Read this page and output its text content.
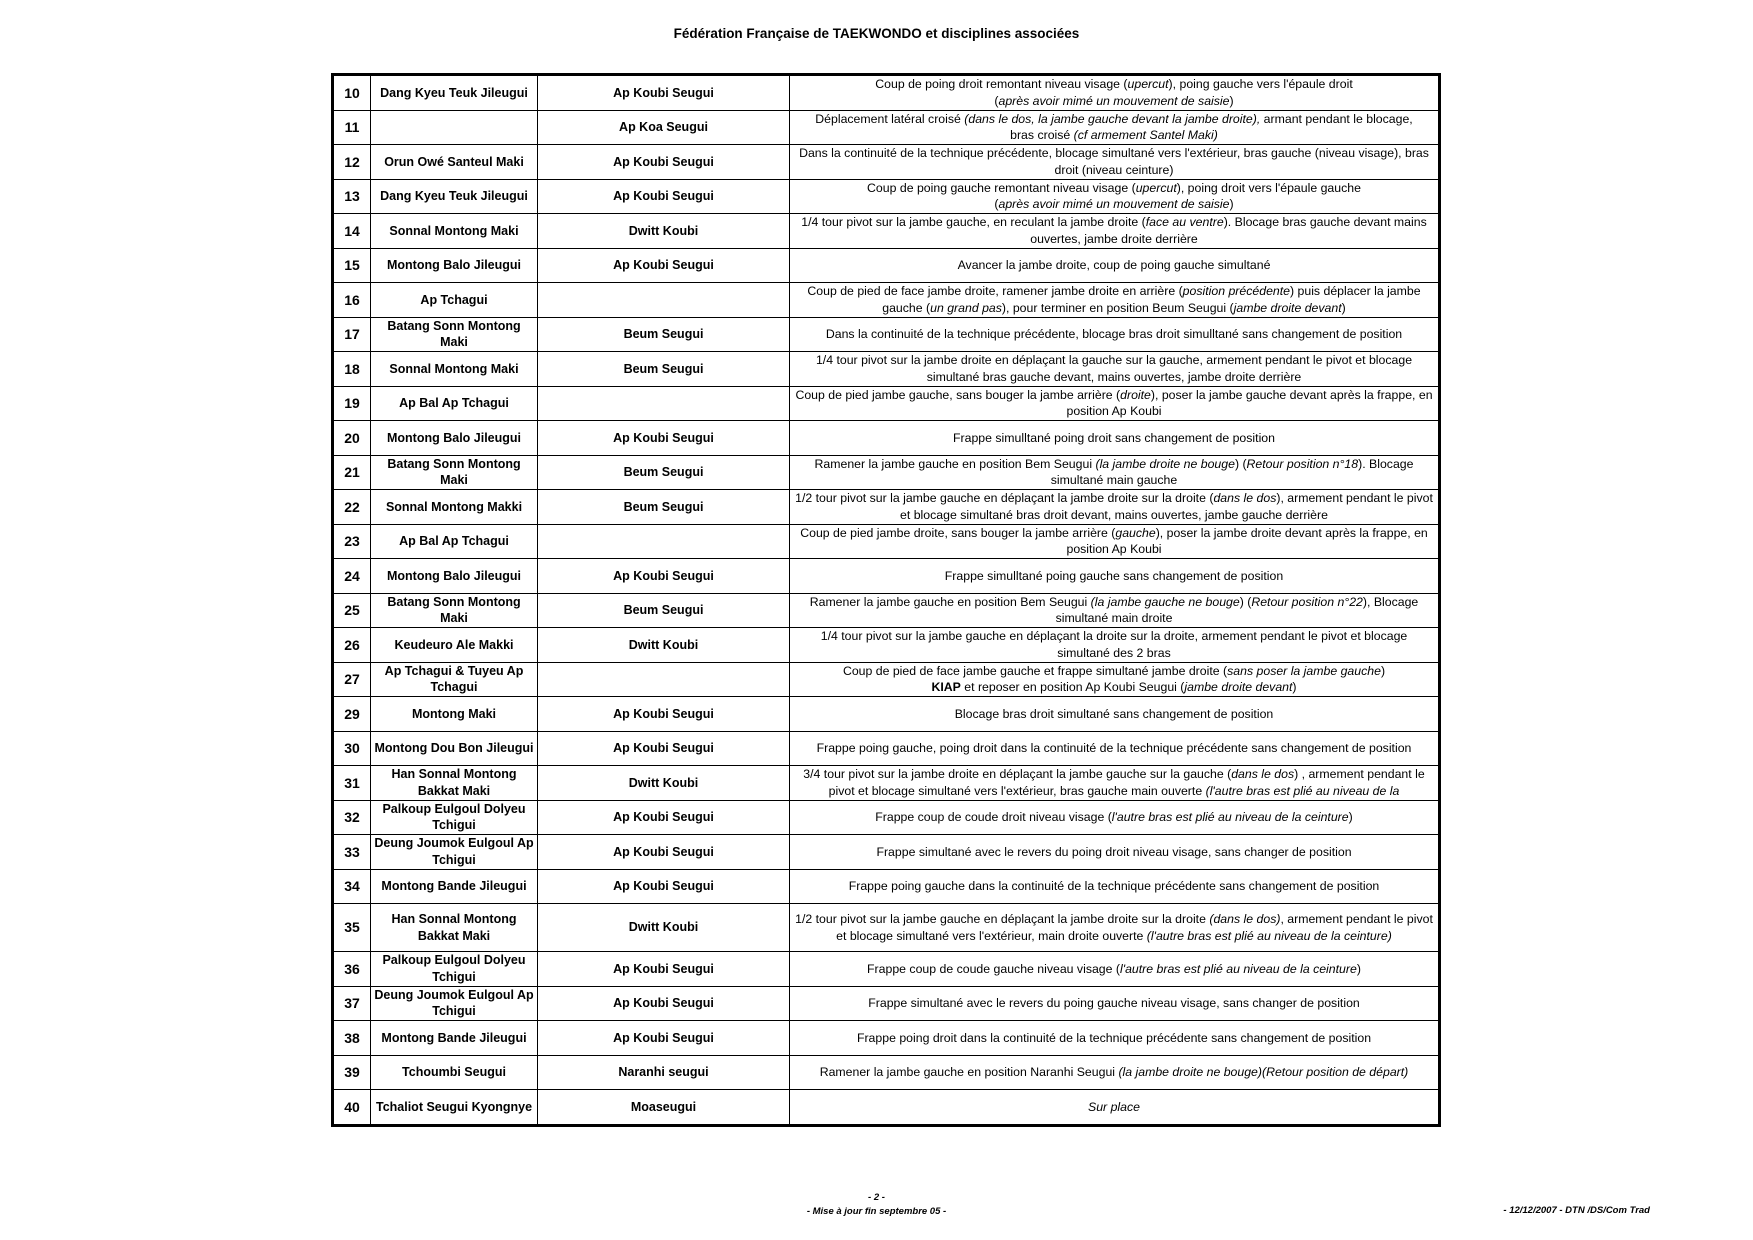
Fédération Française de TAEKWONDO et disciplines associées
10	Dang Kyeu Teuk Jileugui	Ap Koubi Seugui	Coup de poing droit remontant niveau visage (upercut), poing gauche vers l'épaule droit
(après avoir mimé un mouvement de saisie)
11		Ap Koa Seugui	Déplacement latéral croisé (dans le dos, la jambe gauche devant la jambe droite), armant pendant le blocage,
bras croisé (cf armement Santel Maki)
12	Orun Owé Santeul Maki	Ap Koubi Seugui	Dans la continuité de la technique précédente, blocage simultané vers l'extérieur, bras gauche (niveau visage), bras droit (niveau ceinture)
13	Dang Kyeu Teuk Jileugui	Ap Koubi Seugui	Coup de poing gauche remontant niveau visage (upercut), poing droit vers l'épaule gauche
(après avoir mimé un mouvement de saisie)
14	Sonnal Montong Maki	Dwitt Koubi	1/4 tour pivot sur la jambe gauche, en reculant la jambe droite (face au ventre). Blocage bras gauche devant mains ouvertes, jambe droite derrière
15	Montong Balo Jileugui	Ap Koubi Seugui	Avancer la jambe droite, coup de poing gauche simultané
16	Ap Tchagui		Coup de pied de face jambe droite, ramener jambe droite en arrière (position précédente) puis déplacer la jambe gauche (un grand pas), pour terminer en position Beum Seugui (jambe droite devant)
17	Batang Sonn Montong Maki	Beum Seugui	Dans la continuité de la technique précédente, blocage bras droit simulltané sans changement de position
18	Sonnal Montong Maki	Beum Seugui	1/4 tour pivot sur la jambe droite en déplaçant la gauche sur la gauche, armement pendant le pivot et blocage simultané bras gauche devant, mains ouvertes, jambe droite derrière
19	Ap Bal Ap Tchagui		Coup de pied jambe gauche, sans bouger la jambe arrière (droite), poser la jambe gauche devant après la frappe, en position Ap Koubi
20	Montong Balo Jileugui	Ap Koubi Seugui	Frappe simulltané poing droit sans changement de position
21	Batang Sonn Montong Maki	Beum Seugui	Ramener la jambe gauche en position Bem Seugui (la jambe droite ne bouge) (Retour position n°18). Blocage simultané main gauche
22	Sonnal Montong Makki	Beum Seugui	1/2 tour pivot sur la jambe gauche en déplaçant la jambe droite sur la droite (dans le dos), armement pendant le pivot et blocage simultané bras droit devant, mains ouvertes, jambe gauche derrière
23	Ap Bal Ap Tchagui		Coup de pied jambe droite, sans bouger la jambe arrière (gauche), poser la jambe droite devant après la frappe, en position Ap Koubi
24	Montong Balo Jileugui	Ap Koubi Seugui	Frappe simulltané poing gauche sans changement de position
25	Batang Sonn Montong Maki	Beum Seugui	Ramener la jambe gauche en position Bem Seugui (la jambe gauche ne bouge) (Retour position n°22), Blocage simultané main droite
26	Keudeuro Ale Makki	Dwitt Koubi	1/4 tour pivot sur la jambe gauche en déplaçant la droite sur la droite, armement pendant le pivot et blocage simultané des 2 bras
27	Ap Tchagui & Tuyeu Ap Tchagui		Coup de pied de face jambe gauche et frappe simultané jambe droite (sans poser la jambe gauche)
KIAP et reposer en position Ap Koubi Seugui (jambe droite devant)
29	Montong Maki	Ap Koubi Seugui	Blocage bras droit simultané sans changement de position
30	Montong Dou Bon Jileugui	Ap Koubi Seugui	Frappe poing gauche, poing droit dans la continuité de la technique précédente sans changement de position
31	Han Sonnal Montong Bakkat Maki	Dwitt Koubi	3/4 tour pivot sur la jambe droite en déplaçant la jambe gauche sur la gauche (dans le dos) , armement pendant le pivot et blocage simultané vers l'extérieur, bras gauche main ouverte (l'autre bras est plié au niveau de la
32	Palkoup Eulgoul Dolyeu Tchigui	Ap Koubi Seugui	Frappe coup de coude droit niveau visage (l'autre bras est plié au niveau de la ceinture)
33	Deung Joumok Eulgoul Ap Tchigui	Ap Koubi Seugui	Frappe simultané avec le revers du poing droit niveau visage, sans changer de position
34	Montong Bande Jileugui	Ap Koubi Seugui	Frappe poing gauche dans la continuité de la technique précédente sans changement de position
35	Han Sonnal Montong Bakkat Maki	Dwitt Koubi	1/2 tour pivot sur la jambe gauche en déplaçant la jambe droite sur la droite (dans le dos), armement pendant le pivot et blocage simultané vers l'extérieur, main droite ouverte (l'autre bras est plié au niveau de la ceinture)
36	Palkoup Eulgoul Dolyeu Tchigui	Ap Koubi Seugui	Frappe coup de coude gauche niveau visage (l'autre bras est plié au niveau de la ceinture)
37	Deung Joumok Eulgoul Ap Tchigui	Ap Koubi Seugui	Frappe simultané avec le revers du poing gauche niveau visage, sans changer de position
38	Montong Bande Jileugui	Ap Koubi Seugui	Frappe poing droit dans la continuité de la technique précédente sans changement de position
39	Tchoumbi Seugui	Naranhi seugui	Ramener la jambe gauche en position Naranhi Seugui (la jambe droite ne bouge)(Retour position de départ)
40	Tchaliot Seugui Kyongnye	Moaseugui	Sur place
- 2 -
- Mise à jour fin septembre 05 -	- 12/12/2007 - DTN /DS/Com Trad
